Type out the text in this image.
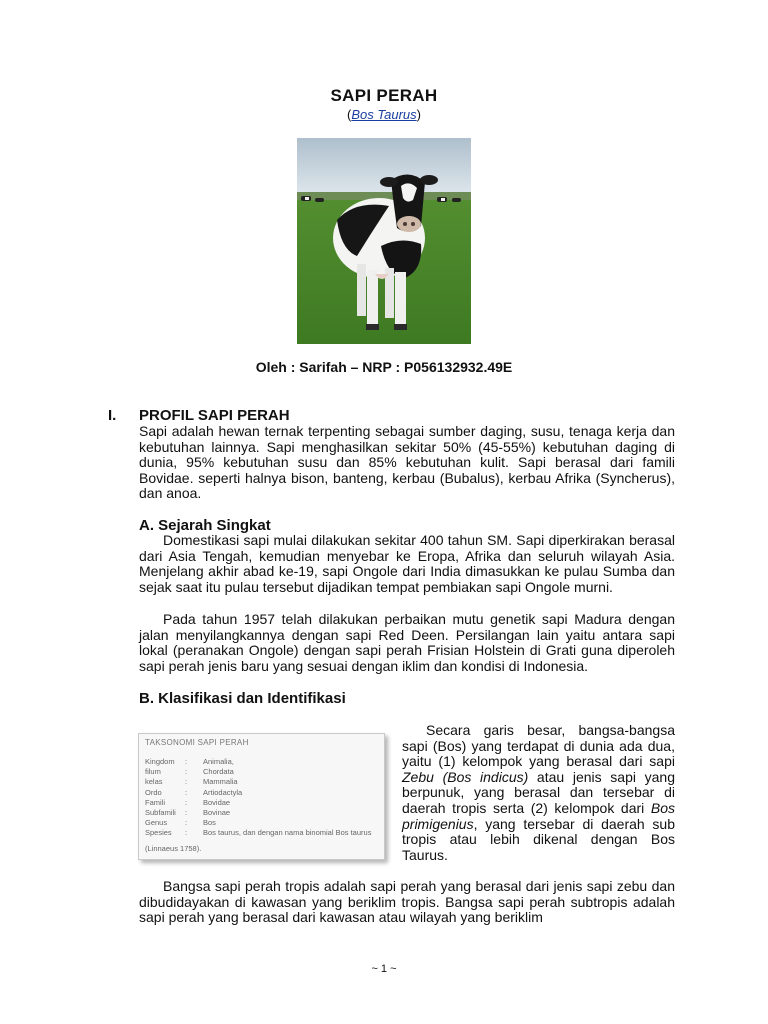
SAPI PERAH
(Bos Taurus)
Oleh : Sarifah – NRP : P056132932.49E
I. PROFIL SAPI PERAH
Sapi adalah hewan ternak terpenting sebagai sumber daging, susu, tenaga kerja dan kebutuhan lainnya. Sapi menghasilkan sekitar 50% (45-55%) kebutuhan daging di dunia, 95% kebutuhan susu dan 85% kebutuhan kulit. Sapi berasal dari famili Bovidae. seperti halnya bison, banteng, kerbau (Bubalus), kerbau Afrika (Syncherus), dan anoa.
A. Sejarah Singkat
Domestikasi sapi mulai dilakukan sekitar 400 tahun SM. Sapi diperkirakan berasal dari Asia Tengah, kemudian menyebar ke Eropa, Afrika dan seluruh wilayah Asia. Menjelang akhir abad ke-19, sapi Ongole dari India dimasukkan ke pulau Sumba dan sejak saat itu pulau tersebut dijadikan tempat pembiakan sapi Ongole murni.
Pada tahun 1957 telah dilakukan perbaikan mutu genetik sapi Madura dengan jalan menyilangkannya dengan sapi Red Deen. Persilangan lain yaitu antara sapi lokal (peranakan Ongole) dengan sapi perah Frisian Holstein di Grati guna diperoleh sapi perah jenis baru yang sesuai dengan iklim dan kondisi di Indonesia.
B. Klasifikasi dan Identifikasi
TAKSONOMI SAPI PERAH
Kingdom	:	Animalia,
filum	:	Chordata
kelas	:	Mammalia
Ordo	:	Artiodactyla
Famili	:	Bovidae
Subfamili	:	Bovinae
Genus	:	Bos
Spesies	:	Bos taurus, dan dengan nama binomial Bos taurus
(Linnaeus 1758).
Secara garis besar, bangsa-bangsa sapi (Bos) yang terdapat di dunia ada dua, yaitu (1) kelompok yang berasal dari sapi Zebu (Bos indicus) atau jenis sapi yang berpunuk, yang berasal dan tersebar di daerah tropis serta (2) kelompok dari Bos primigenius, yang tersebar di daerah sub tropis atau lebih dikenal dengan Bos Taurus.
Bangsa sapi perah tropis adalah sapi perah yang berasal dari jenis sapi zebu dan dibudidayakan di kawasan yang beriklim tropis. Bangsa sapi perah subtropis adalah sapi perah yang berasal dari kawasan atau wilayah yang beriklim
~ 1 ~
